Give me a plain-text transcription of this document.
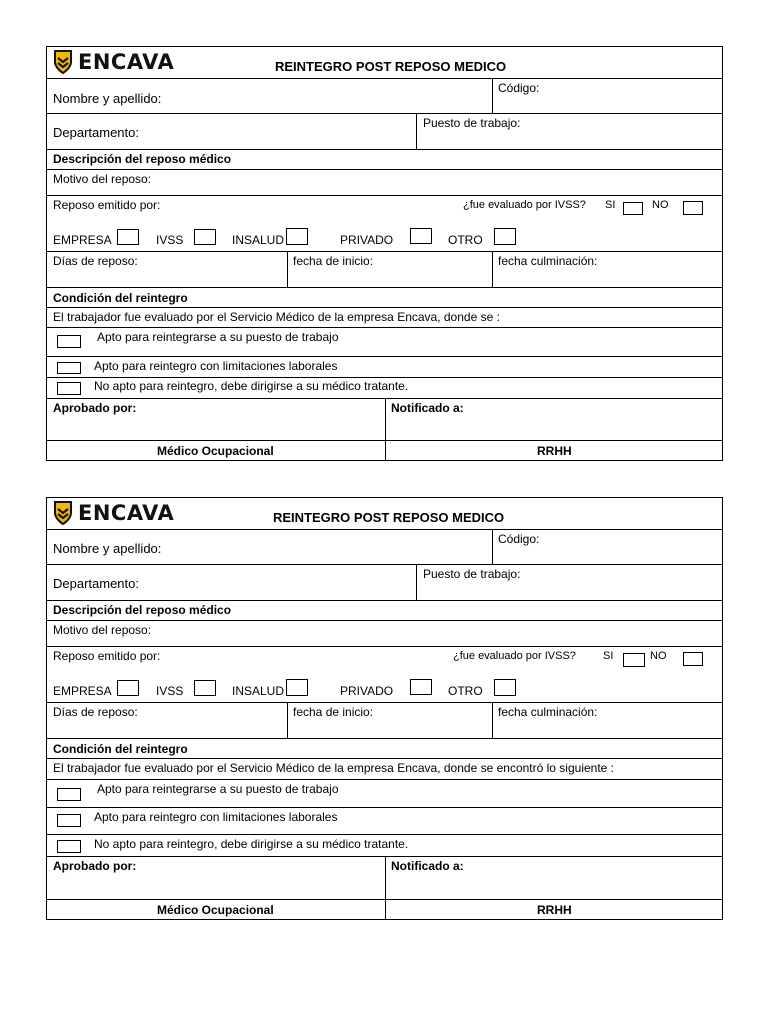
ENCAVA	REINTEGRO POST REPOSO MEDICO
Nombre y apellido:
Código:
Departamento:
Puesto de trabajo:
Descripción del reposo médico
Motivo del reposo:
Reposo emitido por:	¿fue evaluado por IVSS? SI	NO
EMPRESA	IVSS	INSALUD	PRIVADO	OTRO
Días de reposo:	fecha de inicio:	fecha culminación:
Condición del reintegro
El trabajador fue evaluado por el Servicio Médico de la empresa Encava, donde se :
Apto para reintegrarse a su puesto de trabajo
Apto para reintegro con limitaciones laborales
No apto para reintegro, debe dirigirse a su médico tratante.
Aprobado por:	Notificado a:
Médico Ocupacional	RRHH
ENCAVA	REINTEGRO POST REPOSO MEDICO
Nombre y apellido:
Código:
Departamento:
Puesto de trabajo:
Descripción del reposo médico
Motivo del reposo:
Reposo emitido por:	¿fue evaluado por IVSS? SI	NO
EMPRESA	IVSS	INSALUD	PRIVADO	OTRO
Días de reposo:	fecha de inicio:	fecha culminación:
Condición del reintegro
El trabajador fue evaluado por el Servicio Médico de la empresa Encava, donde se encontró lo siguiente :
Apto para reintegrarse a su puesto de trabajo
Apto para reintegro con limitaciones laborales
No apto para reintegro, debe dirigirse a su médico tratante.
Aprobado por:	Notificado a:
Médico Ocupacional	RRHH
